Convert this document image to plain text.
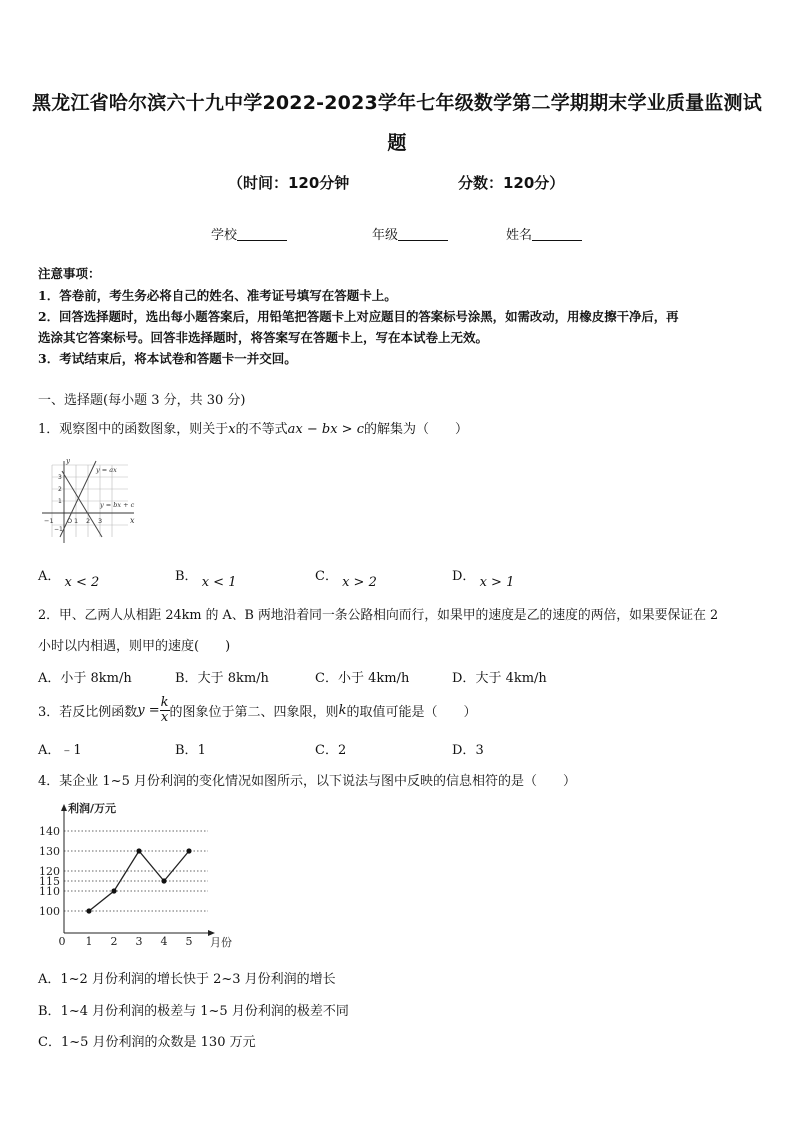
黑龙江省哈尔滨六十九中学2022-2023学年七年级数学第二学期期末学业质量监测试
题
（时间：120分钟	分数：120分）
学校	年级	姓名
注意事项：
1．答卷前，考生务必将自己的姓名、准考证号填写在答题卡上。
2．回答选择题时，选出每小题答案后，用铅笔把答题卡上对应题目的答案标号涂黑，如需改动，用橡皮擦干净后，再
选涂其它答案标号。回答非选择题时，将答案写在答题卡上，写在本试卷上无效。
3．考试结束后，将本试卷和答题卡一并交回。
一、选择题(每小题 3 分，共 30 分)
1．观察图中的函数图象，则关于x的不等式ax − bx > c的解集为（　　）
y = ax
y = bx + c
x
y
−1 O 1 2 3
3
2
1
−1
A． x < 2	B． x < 1	C． x > 2	D． x > 1
2．甲、乙两人从相距 24km 的 A、B 两地沿着同一条公路相向而行，如果甲的速度是乙的速度的两倍，如果要保证在 2
小时以内相遇，则甲的速度(　　)
A．小于 8km/h	B．大于 8km/h	C．小于 4km/h	D．大于 4km/h
3．若反比例函数 $y = \frac{k}{x}$ 的图象位于第二、四象限，则 k 的取值可能是（　　）
A．﹣1	B．1	C．2	D．3
4．某企业 1~5 月份利润的变化情况如图所示，以下说法与图中反映的信息相符的是（　　）
100
110
115
120
130
140
0 1 2 3 4 5
利润/万元
月份
A．1~2 月份利润的增长快于 2~3 月份利润的增长
B．1~4 月份利润的极差与 1~5 月份利润的极差不同
C．1~5 月份利润的众数是 130 万元
